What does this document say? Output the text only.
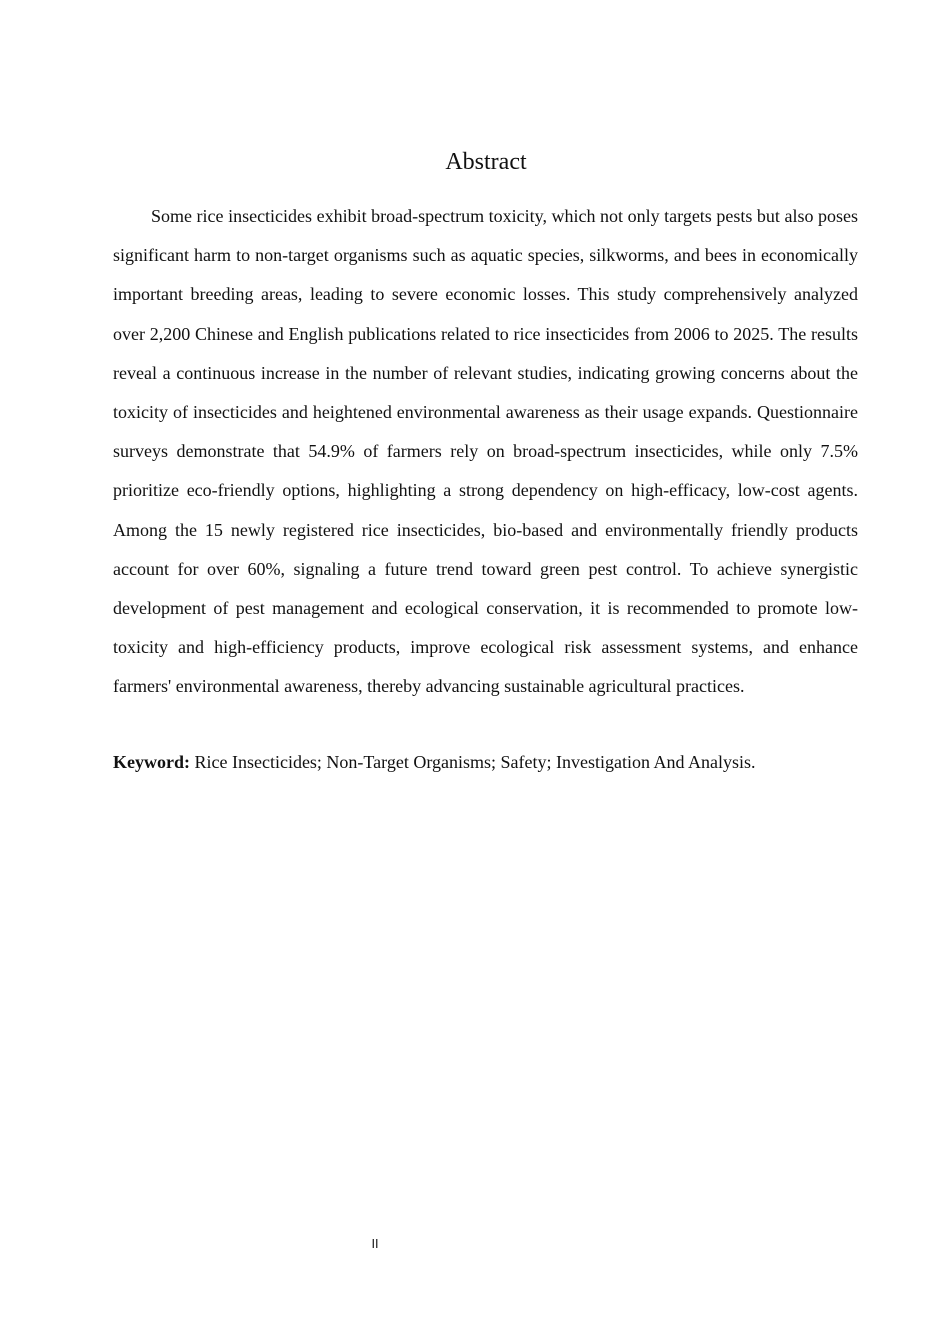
Abstract

Some rice insecticides exhibit broad-spectrum toxicity, which not only targets pests but also poses significant harm to non-target organisms such as aquatic species, silkworms, and bees in economically important breeding areas, leading to severe economic losses. This study comprehensively analyzed over 2,200 Chinese and English publications related to rice insecticides from 2006 to 2025. The results reveal a continuous increase in the number of relevant studies, indicating growing concerns about the toxicity of insecticides and heightened environmental awareness as their usage expands. Questionnaire surveys demonstrate that 54.9% of farmers rely on broad-spectrum insecticides, while only 7.5% prioritize eco-friendly options, highlighting a strong dependency on high-efficacy, low-cost agents. Among the 15 newly registered rice insecticides, bio-based and environmentally friendly products account for over 60%, signaling a future trend toward green pest control. To achieve synergistic development of pest management and ecological conservation, it is recommended to promote low-toxicity and high-efficiency products, improve ecological risk assessment systems, and enhance farmers' environmental awareness, thereby advancing sustainable agricultural practices.

Keyword: Rice Insecticides; Non-Target Organisms; Safety; Investigation And Analysis.

II
